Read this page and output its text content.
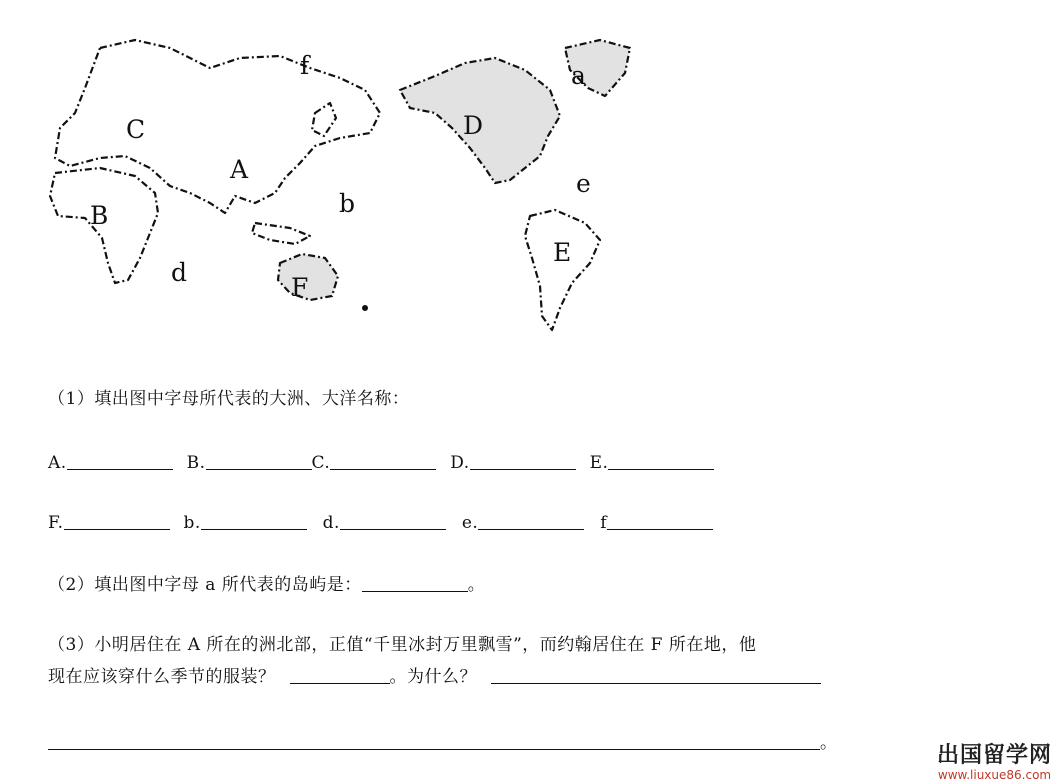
A
B
C	D
E
F
a
b
d
e
f
（1）填出图中字母所代表的大洲、大洋名称：
A.	B.	C.	D.	E.
F.	b.	d.	e.	f
（2）填出图中字母 a 所代表的岛屿是：	。
（3）小明居住在 A 所在的洲北部，正值“千里冰封万里飘雪”，而约翰居住在 F 所在地，他
现在应该穿什么季节的服装？	。为什么？
。	出国留学网
www.liuxue86.com
